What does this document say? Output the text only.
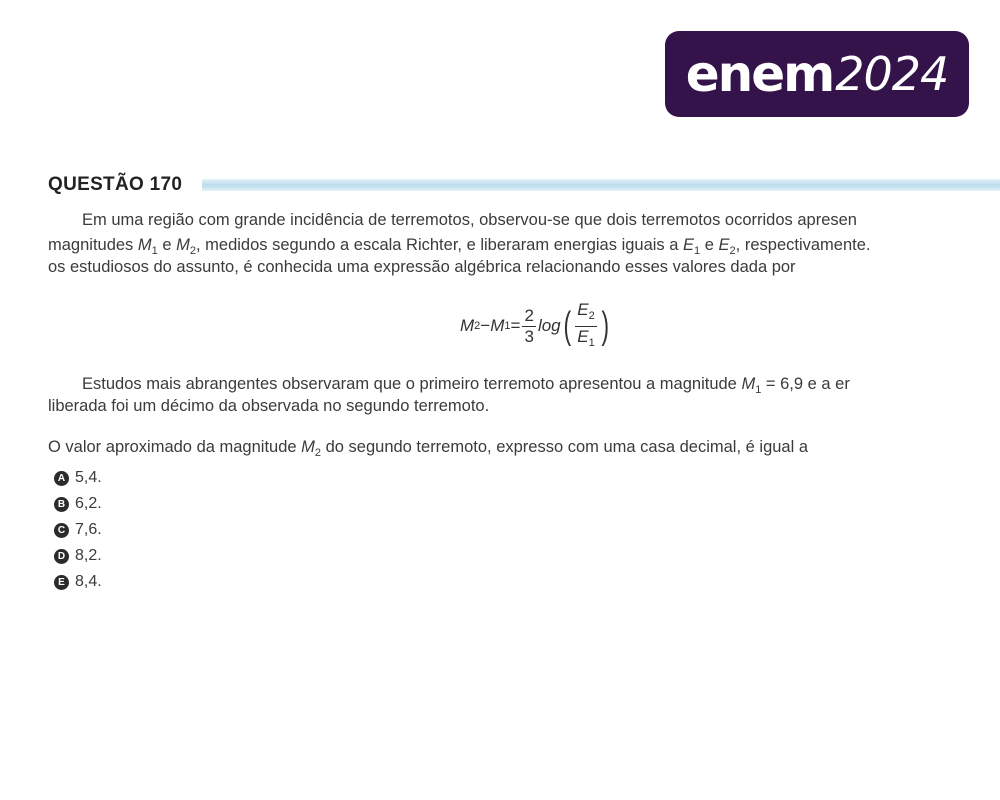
enem 2024
QUESTÃO 170
Em uma região com grande incidência de terremotos, observou-se que dois terremotos ocorridos apresen
magnitudes $M_1$ e $M_2$, medidos segundo a escala Richter, e liberaram energias iguais a $E_1$ e $E_2$, respectivamente.
os estudiosos do assunto, é conhecida uma expressão algébrica relacionando esses valores dada por
M 2 − M $1 = \frac{2}{3}$ log ( $\frac{E_2}{E_1}$ )
Estudos mais abrangentes observaram que o primeiro terremoto apresentou a magnitude $M_1 = 6,9$ e a er
liberada foi um décimo da observada no segundo terremoto.
O valor aproximado da magnitude $M_2$ do segundo terremoto, expresso com uma casa decimal, é igual a
A 5,4.
B 6,2.
C 7,6.
D 8,2.
E 8,4.
